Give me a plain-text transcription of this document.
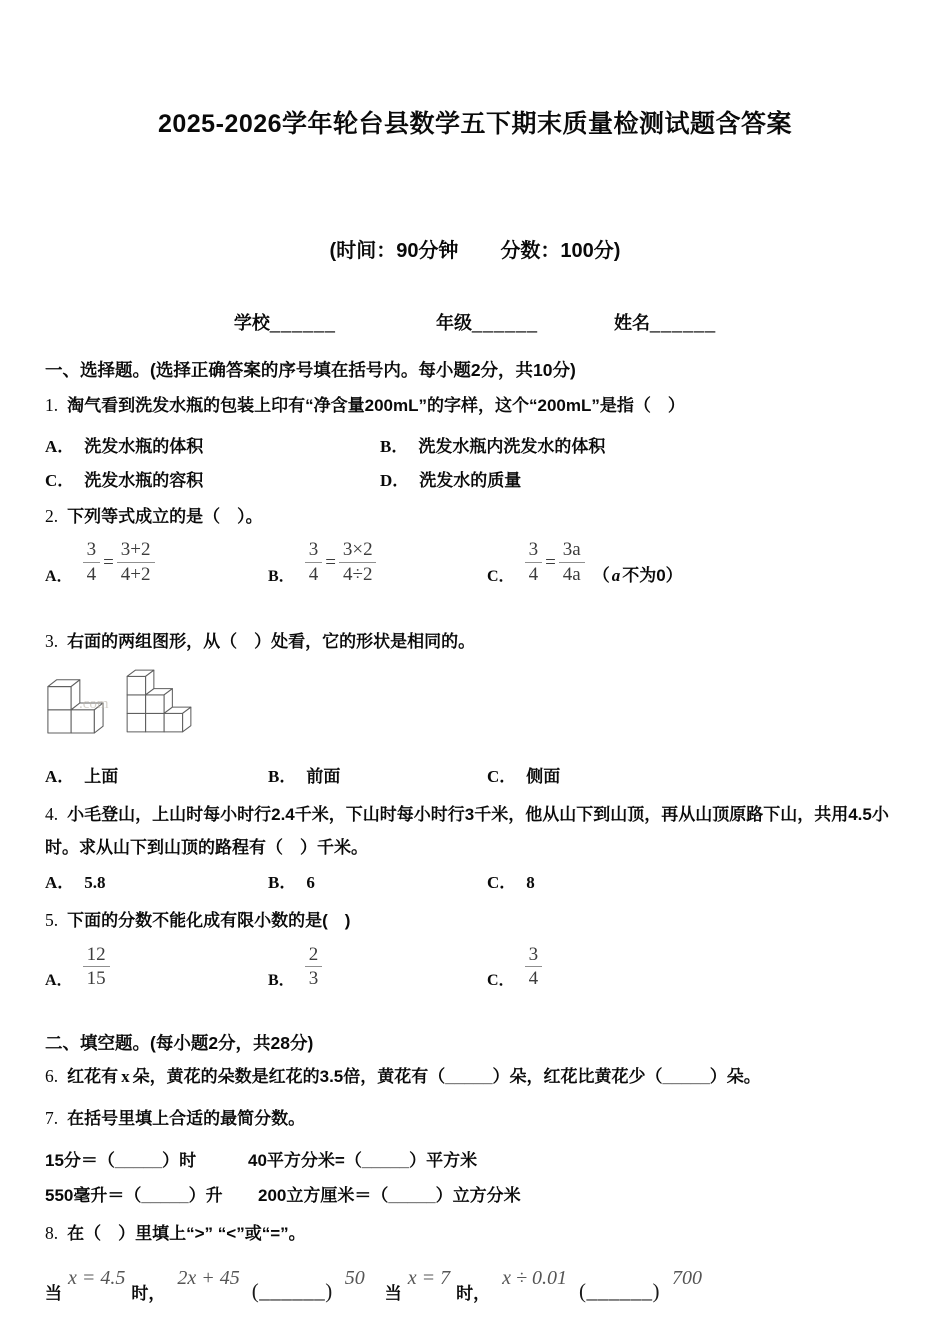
2025-2026学年轮台县数学五下期末质量检测试题含答案
(时间：90分钟 分数：100分)
学校______	年级______	姓名______
一、选择题。(选择正确答案的序号填在括号内。每小题2分，共10分)
1. 淘气看到洗发水瓶的包装上印有“净含量200mL”的字样，这个“200mL”是指（　）
A． 洗发水瓶的体积	B． 洗发水瓶内洗发水的体积
C． 洗发水瓶的容积	D． 洗发水的质量
2. 下列等式成立的是（　）。
A． $\frac{3}{4} = \frac{3+2}{4+2}$	B． $\frac{3}{4} = \frac{3\times 2}{4\div 2}$	C． $\frac{3}{4} = \frac{3a}{4a}$ （ a 不为0）
3. 右面的两组图形，从（　）处看，它的形状是相同的。
.com
A． 上面	B． 前面	C． 侧面
4. 小毛登山，上山时每小时行2.4千米，下山时每小时行3千米，他从山下到山顶，再从山顶原路下山，共用4.5小时。求从山下到山顶的路程有（　）千米。
A． 5.8	B． 6	C． 8
5. 下面的分数不能化成有限小数的是(　)
A． $\frac{12}{15}$	B． $\frac{2}{3}$	C． $\frac{3}{4}$
二、填空题。(每小题2分，共28分)
6. 红花有 x 朵，黄花的朵数是红花的3.5倍，黄花有（_____）朵，红花比黄花少（_____）朵。
7. 在括号里填上合适的最简分数。
15分＝（_____）时	40平方分米=（_____）平方米
550毫升＝（_____）升	200立方厘米＝（_____）立方分米
8. 在（　）里填上“>” “<”或“=”。
当
x = 4.5
时，
2x + 45
(______)
50
当
x = 7
时，
x ÷ 0.01
(______)
700
